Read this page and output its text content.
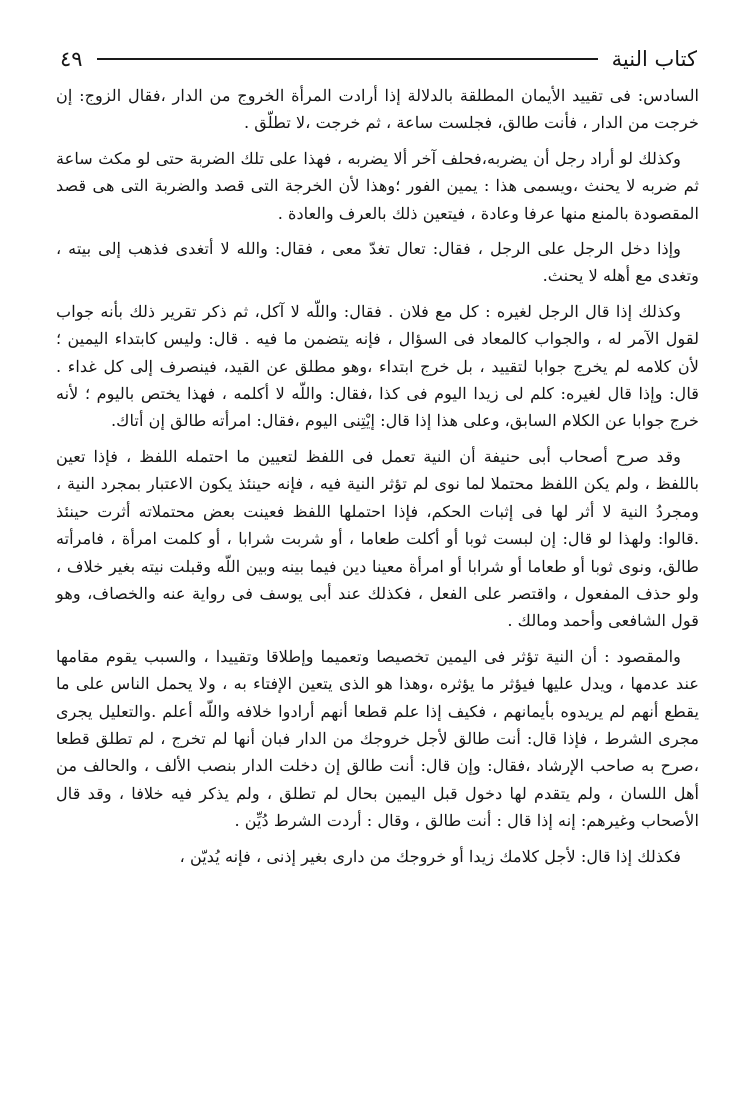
كتاب النية
٤٩

السادس: فى تقييد الأيمان المطلقة بالدلالة إذا أرادت المرأة الخروج من الدار ،فقال الزوج: إن خرجت من الدار ، فأنت طالق، فجلست ساعة ، ثم خرجت ،لا تطلّق .

وكذلك لو أراد رجل أن يضربه،فحلف آخر ألا يضربه ، فهذا على تلك الضربة حتى لو مكث ساعة ثم ضربه لا يحنث ،ويسمى هذا : يمين الفور ؛وهذا لأن الخرجة التى قصد والضربة التى هى قصد المقصودة بالمنع منها عرفا وعادة ، فيتعين ذلك بالعرف والعادة .

وإذا دخل الرجل على الرجل ، فقال: تعال تغدّ معى ، فقال: والله لا أتغدى فذهب إلى بيته ، وتغدى مع أهله لا يحنث.

وكذلك إذا قال الرجل لغيره : كل مع فلان . فقال: واللّه لا آكل، ثم ذكر تقرير ذلك بأنه جواب لقول الآمر له ، والجواب كالمعاد فى السؤال ، فإنه يتضمن ما فيه . قال: وليس كابتداء اليمين ؛ لأن كلامه لم يخرج جوابا لتقييد ، بل خرج ابتداء ،وهو مطلق عن القيد، فينصرف إلى كل غداء . قال: وإذا قال لغيره: كلم لى زيدا اليوم فى كذا ،فقال: واللّه لا أكلمه ، فهذا يختص باليوم ؛ لأنه خرج جوابا عن الكلام السابق، وعلى هذا إذا قال: إيْتِنى اليوم ،فقال: امرأته طالق إن أتاك.

وقد صرح أصحاب أبى حنيفة أن النية تعمل فى اللفظ لتعيين ما احتمله اللفظ ، فإذا تعين باللفظ ، ولم يكن اللفظ محتملا لما نوى لم تؤثر النية فيه ، فإنه حينئذ يكون الاعتبار بمجرد النية ، ومجردُ النية لا أثر لها فى إثبات الحكم، فإذا احتملها اللفظ فعينت بعض محتملاته أثرت حينئذ .قالوا: ولهذا لو قال: إن لبست ثوبا أو أكلت طعاما ، أو شربت شرابا ، أو كلمت امرأة ، فامرأته طالق، ونوى ثوبا أو طعاما أو شرابا أو امرأة معينا دين فيما بينه وبين اللّه وقبلت نيته بغير خلاف ، ولو حذف المفعول ، واقتصر على الفعل ، فكذلك عند أبى يوسف فى رواية عنه والخصاف، وهو قول الشافعى وأحمد ومالك .

والمقصود : أن النية تؤثر فى اليمين تخصيصا وتعميما وإطلاقا وتقييدا ، والسبب يقوم مقامها عند عدمها ، ويدل عليها فيؤثر ما يؤثره ،وهذا هو الذى يتعين الإفتاء به ، ولا يحمل الناس على ما يقطع أنهم لم يريدوه بأيمانهم ، فكيف إذا علم قطعا أنهم أرادوا خلافه واللّه أعلم .والتعليل يجرى مجرى الشرط ، فإذا قال: أنت طالق لأجل خروجك من الدار فبان أنها لم تخرج ، لم تطلق قطعا ،صرح به صاحب الإرشاد ،فقال: وإن قال: أنت طالق إن دخلت الدار بنصب الألف ، والحالف من أهل اللسان ، ولم يتقدم لها دخول قبل اليمين بحال لم تطلق ، ولم يذكر فيه خلافا ، وقد قال الأصحاب وغيرهم: إنه إذا قال : أنت طالق ، وقال : أردت الشرط دُيِّن .

فكذلك إذا قال: لأجل كلامك زيدا أو خروجك من دارى بغير إذنى ، فإنه يُديّن ،
